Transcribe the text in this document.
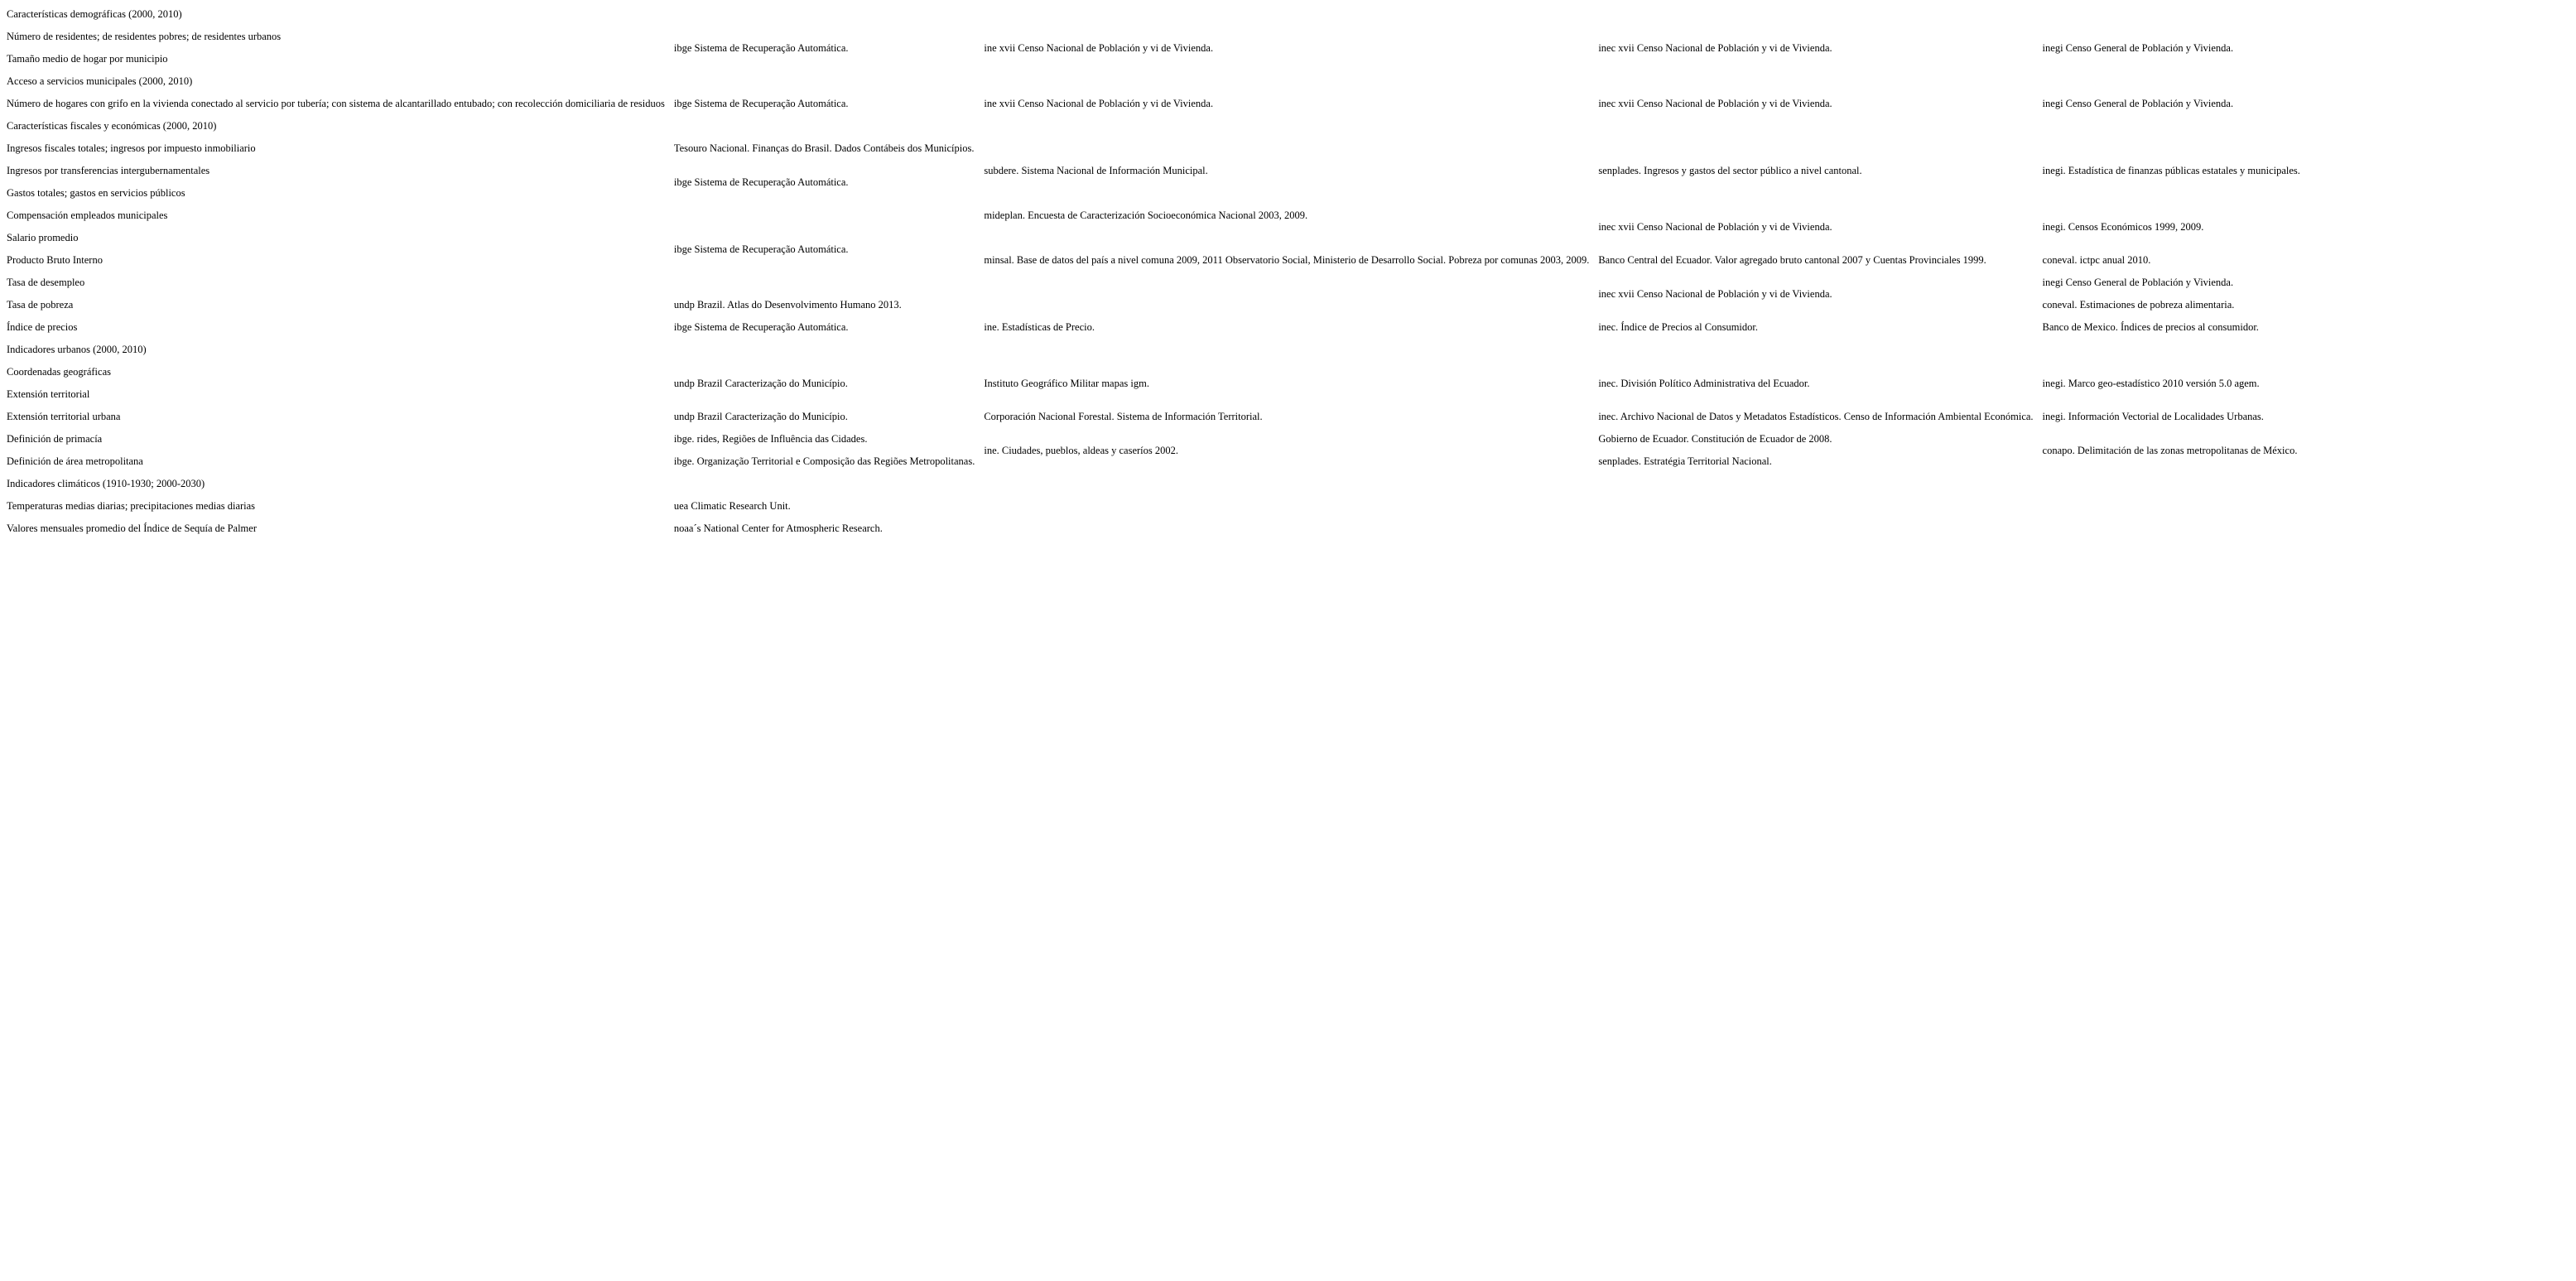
Características demográficas (2000, 2010)				
Número de residentes; de residentes pobres; de residentes urbanos	ibge Sistema de Recuperação Automática.	ine xvii Censo Nacional de Población y vi de Vivienda.	inec xvii Censo Nacional de Población y vi de Vivienda.	inegi Censo General de Población y Vivienda.
Tamaño medio de hogar por municipio				
Acceso a servicios municipales (2000, 2010)				
Número de hogares con grifo en la vivienda conectado al servicio por tubería; con sistema de alcantarillado entubado; con recolección domiciliaria de residuos	ibge Sistema de Recuperação Automática.	ine xvii Censo Nacional de Población y vi de Vivienda.	inec xvii Censo Nacional de Población y vi de Vivienda.	inegi Censo General de Población y Vivienda.
Características fiscales y económicas (2000, 2010)				
Ingresos fiscales totales; ingresos por impuesto inmobiliario	Tesouro Nacional. Finanças do Brasil. Dados Contábeis dos Municípios.	subdere. Sistema Nacional de Información Municipal.	senplades. Ingresos y gastos del sector público a nivel cantonal.	inegi. Estadística de finanzas públicas estatales y municipales.
Ingresos por transferencias intergubernamentales	ibge Sistema de Recuperação Automática.			
Gastos totales; gastos en servicios públicos				
Compensación empleados municipales		mideplan. Encuesta de Caracterización Socioeconómica Nacional 2003, 2009.	inec xvii Censo Nacional de Población y vi de Vivienda.	inegi. Censos Económicos 1999, 2009.
Salario promedio	ibge Sistema de Recuperação Automática.	minsal. Base de datos del país a nivel comuna 2009, 2011 Observatorio Social, Ministerio de Desarrollo Social. Pobreza por comunas 2003, 2009.		
Producto Bruto Interno			Banco Central del Ecuador. Valor agregado bruto cantonal 2007 y Cuentas Provinciales 1999.	coneval. ictpc anual 2010.
Tasa de desempleo			inec xvii Censo Nacional de Población y vi de Vivienda.	inegi Censo General de Población y Vivienda.
Tasa de pobreza	undp Brazil. Atlas do Desenvolvimento Humano 2013.			coneval. Estimaciones de pobreza alimentaria.
Índice de precios	ibge Sistema de Recuperação Automática.	ine. Estadísticas de Precio.	inec. Índice de Precios al Consumidor.	Banco de Mexico. Índices de precios al consumidor.
Indicadores urbanos (2000, 2010)				
Coordenadas geográficas	undp Brazil Caracterização do Município.	Instituto Geográfico Militar mapas igm.	inec. División Político Administrativa del Ecuador.	inegi. Marco geo-estadístico 2010 versión 5.0 agem.
Extensión territorial				
Extensión territorial urbana	undp Brazil Caracterização do Município.	Corporación Nacional Forestal. Sistema de Información Territorial.	inec. Archivo Nacional de Datos y Metadatos Estadísticos. Censo de Información Ambiental Económica.	inegi. Información Vectorial de Localidades Urbanas.
Definición de primacía	ibge. rides, Regiões de Influência das Cidades.	ine. Ciudades, pueblos, aldeas y caseríos 2002.	Gobierno de Ecuador. Constitución de Ecuador de 2008.	conapo. Delimitación de las zonas metropolitanas de México.
Definición de área metropolitana	ibge. Organização Territorial e Composição das Regiões Metropolitanas.		senplades. Estratégia Territorial Nacional.	
Indicadores climáticos (1910-1930; 2000-2030)				
Temperaturas medias diarias; precipitaciones medias diarias	uea Climatic Research Unit.			
Valores mensuales promedio del Índice de Sequía de Palmer	noaa´s National Center for Atmospheric Research.			
